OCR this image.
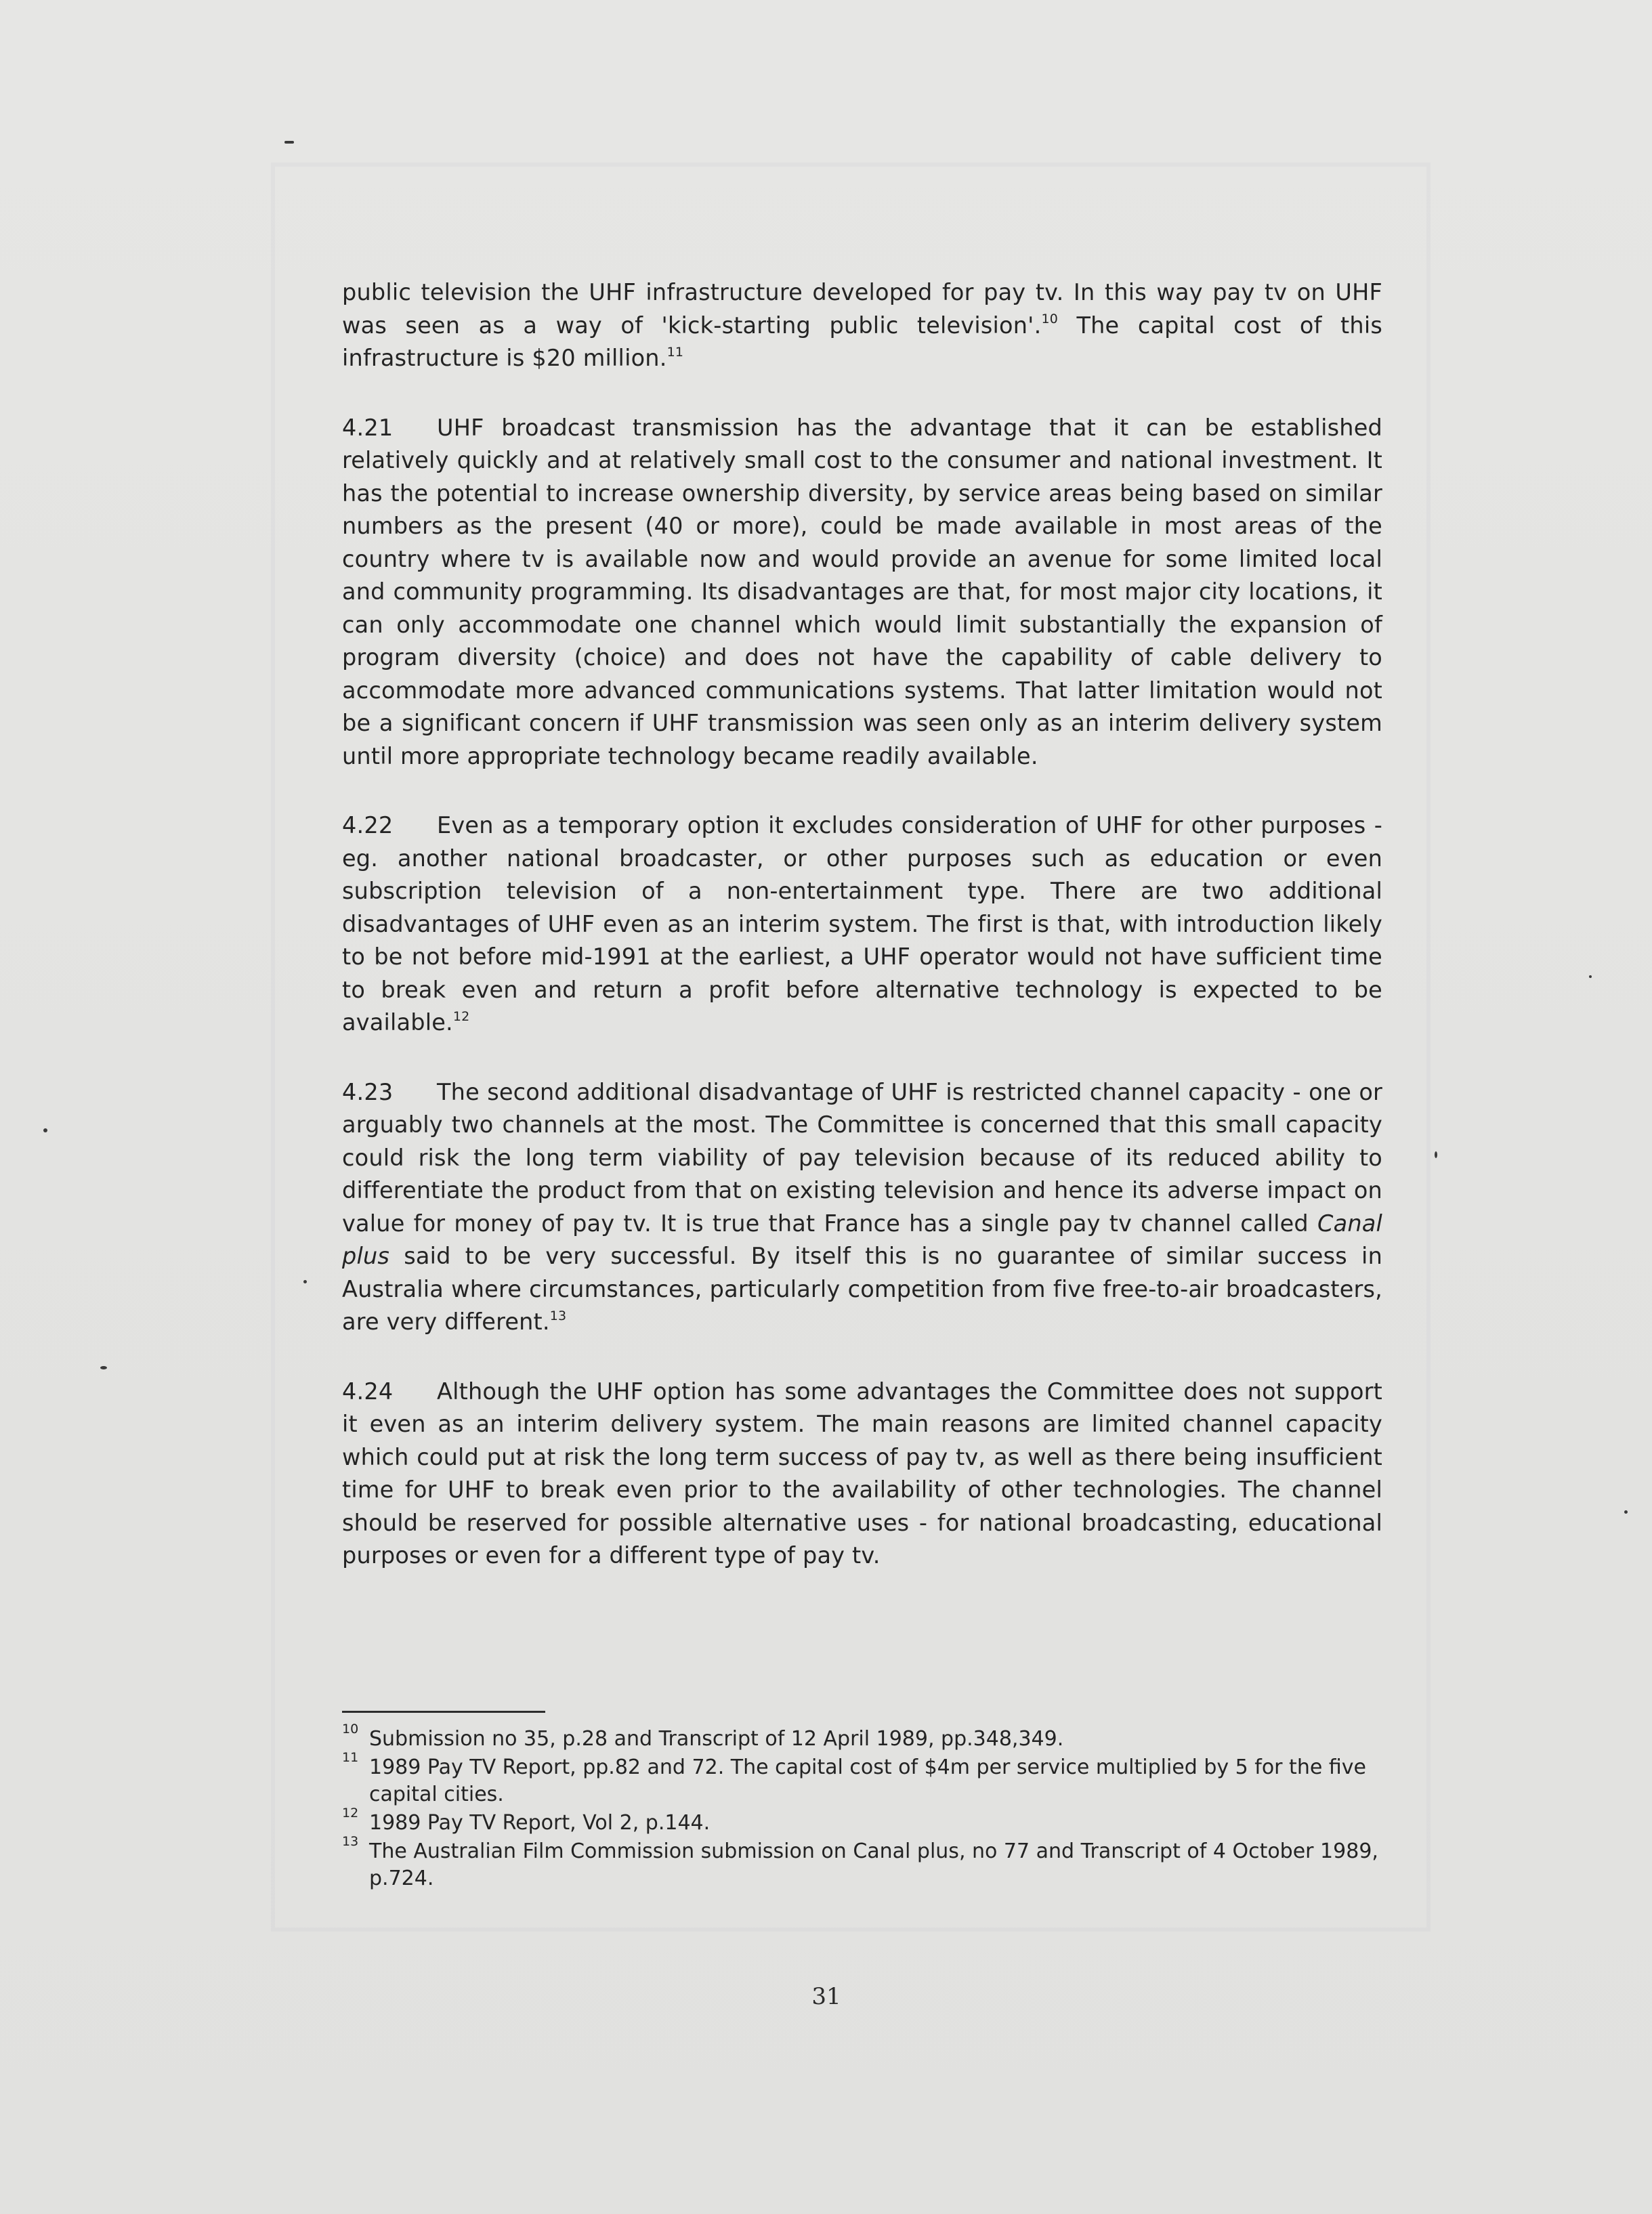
public television the UHF infrastructure developed for pay tv. In this way pay tv on UHF was seen as a way of 'kick-starting public television'.$^{10}$ The capital cost of this infrastructure is $20 million.$^{11}$

4.21 UHF broadcast transmission has the advantage that it can be established relatively quickly and at relatively small cost to the consumer and national investment. It has the potential to increase ownership diversity, by service areas being based on similar numbers as the present (40 or more), could be made available in most areas of the country where tv is available now and would provide an avenue for some limited local and community programming. Its disadvantages are that, for most major city locations, it can only accommodate one channel which would limit substantially the expansion of program diversity (choice) and does not have the capability of cable delivery to accommodate more advanced communications systems. That latter limitation would not be a significant concern if UHF transmission was seen only as an interim delivery system until more appropriate technology became readily available.

4.22 Even as a temporary option it excludes consideration of UHF for other purposes - eg. another national broadcaster, or other purposes such as education or even subscription television of a non-entertainment type. There are two additional disadvantages of UHF even as an interim system. The first is that, with introduction likely to be not before mid-1991 at the earliest, a UHF operator would not have sufficient time to break even and return a profit before alternative technology is expected to be available.$^{12}$

4.23 The second additional disadvantage of UHF is restricted channel capacity - one or arguably two channels at the most. The Committee is concerned that this small capacity could risk the long term viability of pay television because of its reduced ability to differentiate the product from that on existing television and hence its adverse impact on value for money of pay tv. It is true that France has a single pay tv channel called Canal plus said to be very successful. By itself this is no guarantee of similar success in Australia where circumstances, particularly competition from five free-to-air broadcasters, are very different.$^{13}$

4.24 Although the UHF option has some advantages the Committee does not support it even as an interim delivery system. The main reasons are limited channel capacity which could put at risk the long term success of pay tv, as well as there being insufficient time for UHF to break even prior to the availability of other technologies. The channel should be reserved for possible alternative uses - for national broadcasting, educational purposes or even for a different type of pay tv.

10 Submission no 35, p.28 and Transcript of 12 April 1989, pp.348,349.
11 1989 Pay TV Report, pp.82 and 72. The capital cost of $4m per service multiplied by 5 for the five capital cities.
12 1989 Pay TV Report, Vol 2, p.144.
13 The Australian Film Commission submission on Canal plus, no 77 and Transcript of 4 October 1989, p.724.
31
